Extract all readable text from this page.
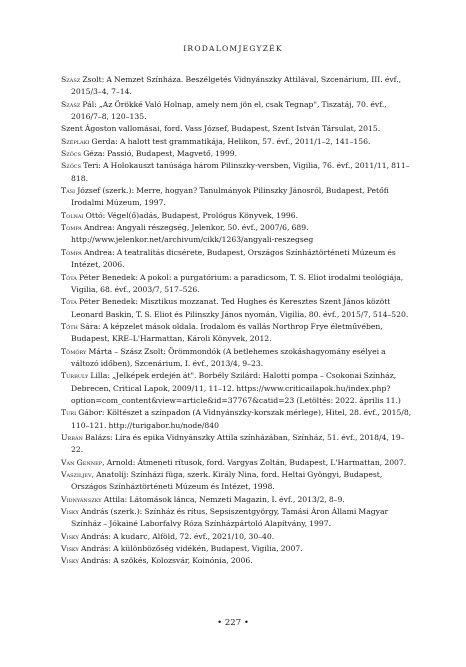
IRODALOMJEGYZÉK

Szász Zsolt: A Nemzet Színháza. Beszélgetés Vidnyánszky Attilával, Szcenárium, III. évf., 2015/3–4, 7–14.

Szász Pál: „Az Örökké Való Holnap, amely nem jön el, csak Tegnap", Tiszatáj, 70. évf., 2016/7–8, 120–135.

Szent Ágoston vallomásai, ford. Vass József, Budapest, Szent István Társulat, 2015.

Széplaki Gerda: A halott test grammatikája, Helikon, 57. évf., 2011/1–2, 141–156.

Szőcs Géza: Passió, Budapest, Magvető, 1999.

Szőcs Teri: A Holokauszt tanúsága három Pilinszky-versben, Vigilia, 76. évf., 2011/11, 811–818.

Tasi József (szerk.): Merre, hogyan? Tanulmányok Pilinszky Jánosról, Budapest, Petőfi Irodalmi Múzeum, 1997.

Tolnai Ottó: Végel(ő)adás, Budapest, Prológus Könyvek, 1996.

Tompa Andrea: Angyali részegség, Jelenkor, 50. évf., 2007/6, 689. http://www.jelenkor.net/archivum/cikk/1263/angyali-reszegseg

Tompa Andrea: A teatralitás dicsérete, Budapest, Országos Színháztörténeti Múzeum és Intézet, 2006.

Tóta Péter Benedek: A pokol: a purgatórium: a paradicsom, T. S. Eliot irodalmi teológiája, Vigilia, 68. évf., 2003/7, 517–526.

Tóta Péter Benedek: Misztikus mozzanat. Ted Hughes és Keresztes Szent János között Leonard Baskin, T. S. Eliot és Pilinszky János nyomán, Vigilia, 80. évf., 2015/7, 514–520.

Tóth Sára: A képzelet mások oldala. Irodalom és vallás Northrop Frye életművében, Budapest, KRE–L'Harmattan, Károli Könyvek, 2012.

Tömöry Márta – Szász Zsolt: Örömmondók (A betlehemes szokáshagyomány esélyei a változó időben), Szcenárium, I. évf., 2013/4, 9–23.

Turbuly Lilla: „Jelképek erdején át". Borbély Szilárd: Halotti pompa – Csokonai Színház, Debrecen, Critical Lapok, 2009/11, 11–12. https://www.criticailapok.hu/index.php?option=com_content&view=article&id=37767&catid=23 (Letöltés: 2022. április 11.)

Turi Gábor: Költészet a színpadon (A Vidnyánszky-korszak mérlege), Hitel, 28. évf., 2015/8, 110–121. http://turigabor.hu/node/840

Urbán Balázs: Líra és epika Vidnyánszky Attila színházában, Színház, 51. évf., 2018/4, 19–22.

Van Gennep, Arnold: Átmeneti rítusok, ford. Vargyas Zoltán, Budapest, L'Harmattan, 2007.

Vasziljev, Anatolij: Színházi füga, szerk. Király Nina, ford. Heltai Gyöngyi, Budapest, Országos Színháztörténeti Múzeum és Intézet, 1998.

Vidnyánszky Attila: Látomások lánca, Nemzeti Magazin, I. évf., 2013/2, 8–9.

Visky András (szerk.): Színház és rítus, Sepsiszentgyörgy, Tamási Áron Állami Magyar Színház – Jókainé Laborfalvy Róza Színházpártoló Alapítvány, 1997.

Visky András: A kudarc, Alföld, 72. évf., 2021/10, 30–40.

Visky András: A különbözőség vidékén, Budapest, Vigilia, 2007.

Visky András: A szökés, Kolozsvár, Koinónia, 2006.

• 227 •
